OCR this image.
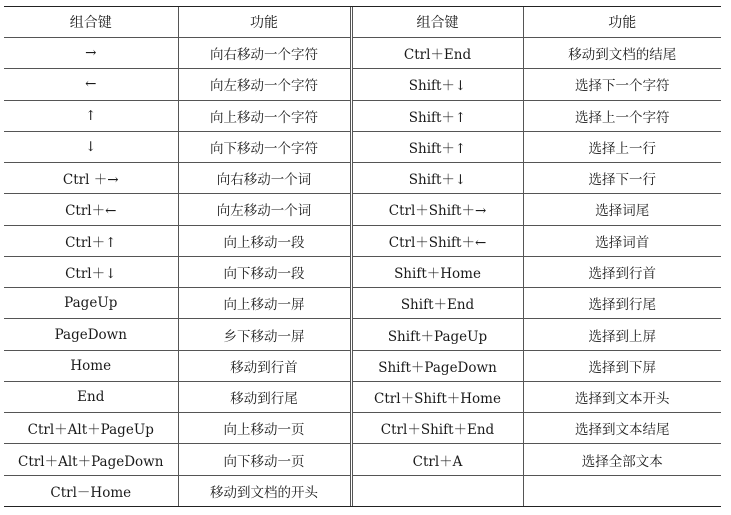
组合键	功能	组合键	功能
→	向右移动一个字符	Ctrl＋End	移动到文档的结尾
←	向左移动一个字符	Shift＋↓	选择下一个字符
↑	向上移动一个字符	Shift＋↑	选择上一个字符
↓	向下移动一个字符	Shift＋↑	选择上一行
Ctrl ＋→	向右移动一个词	Shift＋↓	选择下一行
Ctrl＋←	向左移动一个词	Ctrl＋Shift＋→	选择词尾
Ctrl＋↑	向上移动一段	Ctrl＋Shift＋←	选择词首
Ctrl＋↓	向下移动一段	Shift＋Home	选择到行首
PageUp	向上移动一屏	Shift＋End	选择到行尾
PageDown	乡下移动一屏	Shift＋PageUp	选择到上屏
Home	移动到行首	Shift＋PageDown	选择到下屏
End	移动到行尾	Ctrl＋Shift＋Home	选择到文本开头
Ctrl＋Alt＋PageUp	向上移动一页	Ctrl＋Shift＋End	选择到文本结尾
Ctrl＋Alt＋PageDown	向下移动一页	Ctrl＋A	选择全部文本
Ctrl－Home	移动到文档的开头		
